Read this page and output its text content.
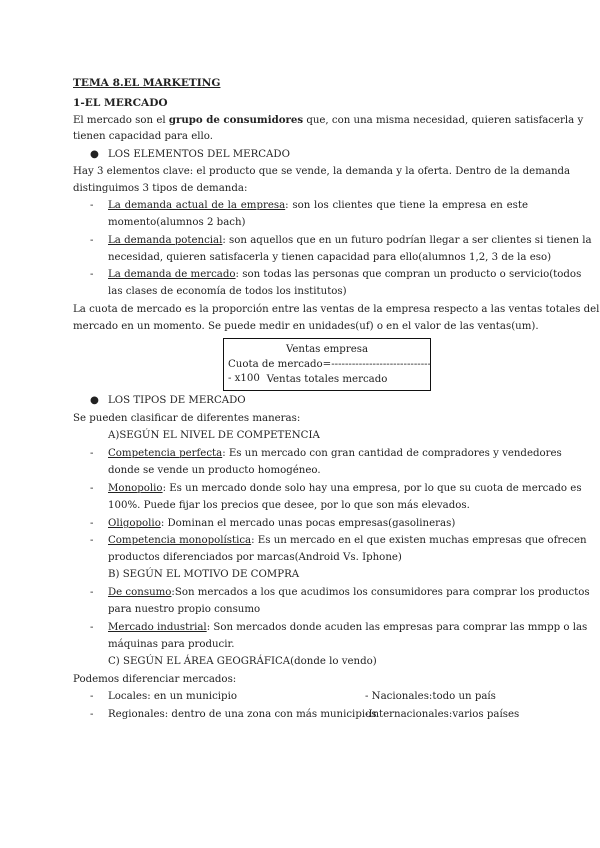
TEMA 8.EL MARKETING
1-EL MERCADO
El mercado son el grupo de consumidores que, con una misma necesidad, quieren satisfacerla y
tienen capacidad para ello.
● LOS ELEMENTOS DEL MERCADO
Hay 3 elementos clave: el producto que se vende, la demanda y la oferta. Dentro de la demanda
distinguimos 3 tipos de demanda:
- La demanda actual de la empresa: son los clientes que tiene la empresa en este
momento(alumnos 2 bach)
- La demanda potencial: son aquellos que en un futuro podrían llegar a ser clientes si tienen la
necesidad, quieren satisfacerla y tienen capacidad para ello(alumnos 1,2, 3 de la eso)
- La demanda de mercado: son todas las personas que compran un producto o servicio(todos
las clases de economía de todos los institutos)
La cuota de mercado es la proporción entre las ventas de la empresa respecto a las ventas totales del
mercado en un momento. Se puede medir en unidades(uf) o en el valor de las ventas(um).
Ventas empresa
Cuota de mercado=------------------------------ x100 Ventas totales mercado
● LOS TIPOS DE MERCADO
Se pueden clasificar de diferentes maneras:
A)SEGÚN EL NIVEL DE COMPETENCIA
- Competencia perfecta: Es un mercado con gran cantidad de compradores y vendedores
donde se vende un producto homogéneo.
- Monopolio: Es un mercado donde solo hay una empresa, por lo que su cuota de mercado es
100%. Puede fijar los precios que desee, por lo que son más elevados.
- Oligopolio: Dominan el mercado unas pocas empresas(gasolineras)
- Competencia monopolística: Es un mercado en el que existen muchas empresas que ofrecen
productos diferenciados por marcas(Android Vs. Iphone)
B) SEGÚN EL MOTIVO DE COMPRA
- De consumo:Son mercados a los que acudimos los consumidores para comprar los productos
para nuestro propio consumo
- Mercado industrial: Son mercados donde acuden las empresas para comprar las mmpp o las
máquinas para producir.
C) SEGÚN EL ÁREA GEOGRÁFICA(donde lo vendo)
Podemos diferenciar mercados:
- Locales: en un municipio	- Nacionales:todo un país
- Regionales: dentro de una zona con más municipios
-Internacionales:varios países
